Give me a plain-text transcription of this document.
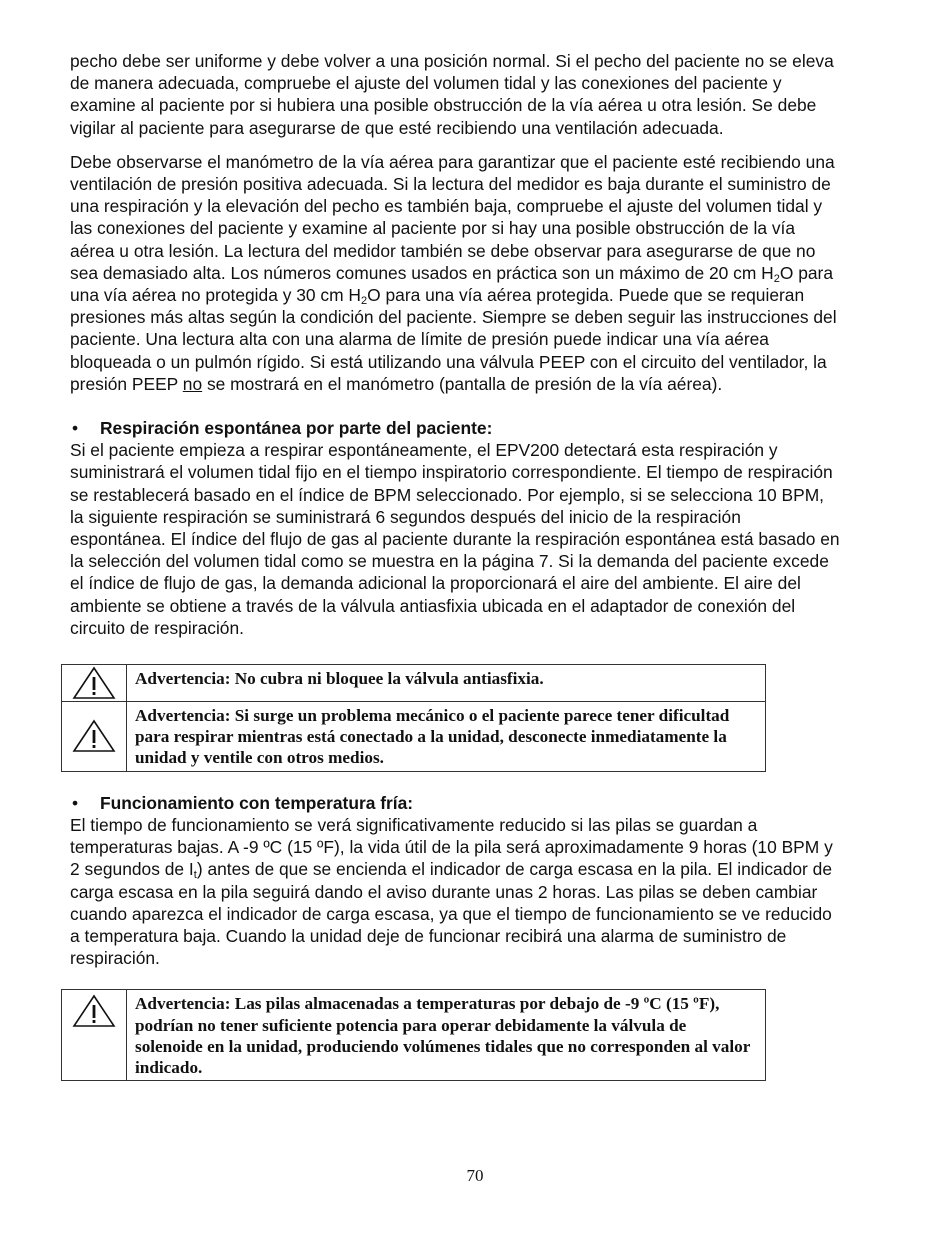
pecho debe ser uniforme y debe volver a una posición normal. Si el pecho del paciente no se eleva de manera adecuada, compruebe el ajuste del volumen tidal y las conexiones del paciente y examine al paciente por si hubiera una posible obstrucción de la vía aérea u otra lesión. Se debe vigilar al paciente para asegurarse de que esté recibiendo una ventilación adecuada.

Debe observarse el manómetro de la vía aérea para garantizar que el paciente esté recibiendo una ventilación de presión positiva adecuada. Si la lectura del medidor es baja durante el suministro de una respiración y la elevación del pecho es también baja, compruebe el ajuste del volumen tidal y las conexiones del paciente y examine al paciente por si hay una posible obstrucción de la vía aérea u otra lesión. La lectura del medidor también se debe observar para asegurarse de que no sea demasiado alta. Los números comunes usados en práctica son un máximo de 20 cm $H_2O$ para una vía aérea no protegida y 30 cm $H_2O$ para una vía aérea protegida. Puede que se requieran presiones más altas según la condición del paciente. Siempre se deben seguir las instrucciones del paciente. Una lectura alta con una alarma de límite de presión puede indicar una vía aérea bloqueada o un pulmón rígido. Si está utilizando una válvula PEEP con el circuito del ventilador, la presión PEEP no se mostrará en el manómetro (pantalla de presión de la vía aérea).

• Respiración espontánea por parte del paciente:

Si el paciente empieza a respirar espontáneamente, el EPV200 detectará esta respiración y suministrará el volumen tidal fijo en el tiempo inspiratorio correspondiente. El tiempo de respiración se restablecerá basado en el índice de BPM seleccionado. Por ejemplo, si se selecciona 10 BPM, la siguiente respiración se suministrará 6 segundos después del inicio de la respiración espontánea. El índice del flujo de gas al paciente durante la respiración espontánea está basado en la selección del volumen tidal como se muestra en la página 7. Si la demanda del paciente excede el índice de flujo de gas, la demanda adicional la proporcionará el aire del ambiente. El aire del ambiente se obtiene a través de la válvula antiasfixia ubicada en el adaptador de conexión del circuito de respiración.

	Advertencia: No cubra ni bloquee la válvula antiasfixia.

	Advertencia: Si surge un problema mecánico o el paciente parece tener dificultad para respirar mientras está conectado a la unidad, desconecte inmediatamente la unidad y ventile con otros medios.

• Funcionamiento con temperatura fría:

El tiempo de funcionamiento se verá significativamente reducido si las pilas se guardan a temperaturas bajas. A -9 ºC (15 ºF), la vida útil de la pila será aproximadamente 9 horas (10 BPM y 2 segundos de $I_t$) antes de que se encienda el indicador de carga escasa en la pila. El indicador de carga escasa en la pila seguirá dando el aviso durante unas 2 horas. Las pilas se deben cambiar cuando aparezca el indicador de carga escasa, ya que el tiempo de funcionamiento se ve reducido a temperatura baja. Cuando la unidad deje de funcionar recibirá una alarma de suministro de respiración.

	Advertencia: Las pilas almacenadas a temperaturas por debajo de -9 ºC (15 ºF), podrían no tener suficiente potencia para operar debidamente la válvula de solenoide en la unidad, produciendo volúmenes tidales que no corresponden al valor indicado.
70
